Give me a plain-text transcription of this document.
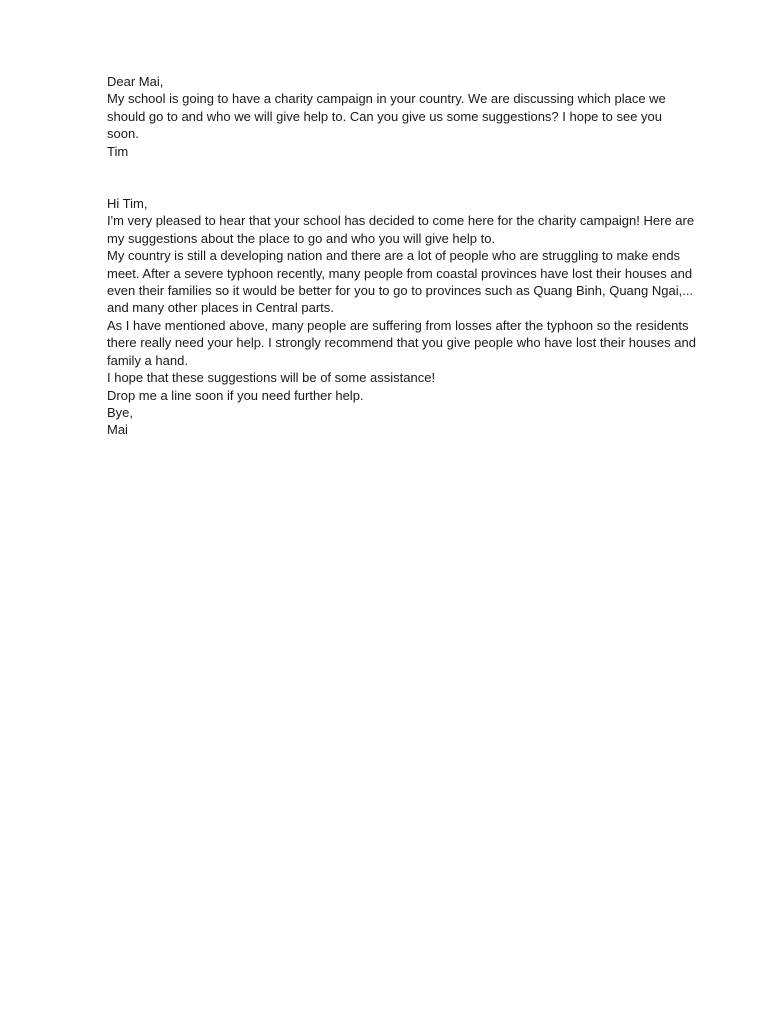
Dear Mai,

My school is going to have a charity campaign in your country. We are discussing which place we should go to and who we will give help to. Can you give us some suggestions? I hope to see you soon.

Tim

Hi Tim,

I'm very pleased to hear that your school has decided to come here for the charity campaign! Here are my suggestions about the place to go and who you will give help to.

My country is still a developing nation and there are a lot of people who are struggling to make ends meet. After a severe typhoon recently, many people from coastal provinces have lost their houses and even their families so it would be better for you to go to provinces such as Quang Binh, Quang Ngai,... and many other places in Central parts.

As I have mentioned above, many people are suffering from losses after the typhoon so the residents there really need your help. I strongly recommend that you give people who have lost their houses and family a hand.

I hope that these suggestions will be of some assistance!

Drop me a line soon if you need further help.

Bye,

Mai
